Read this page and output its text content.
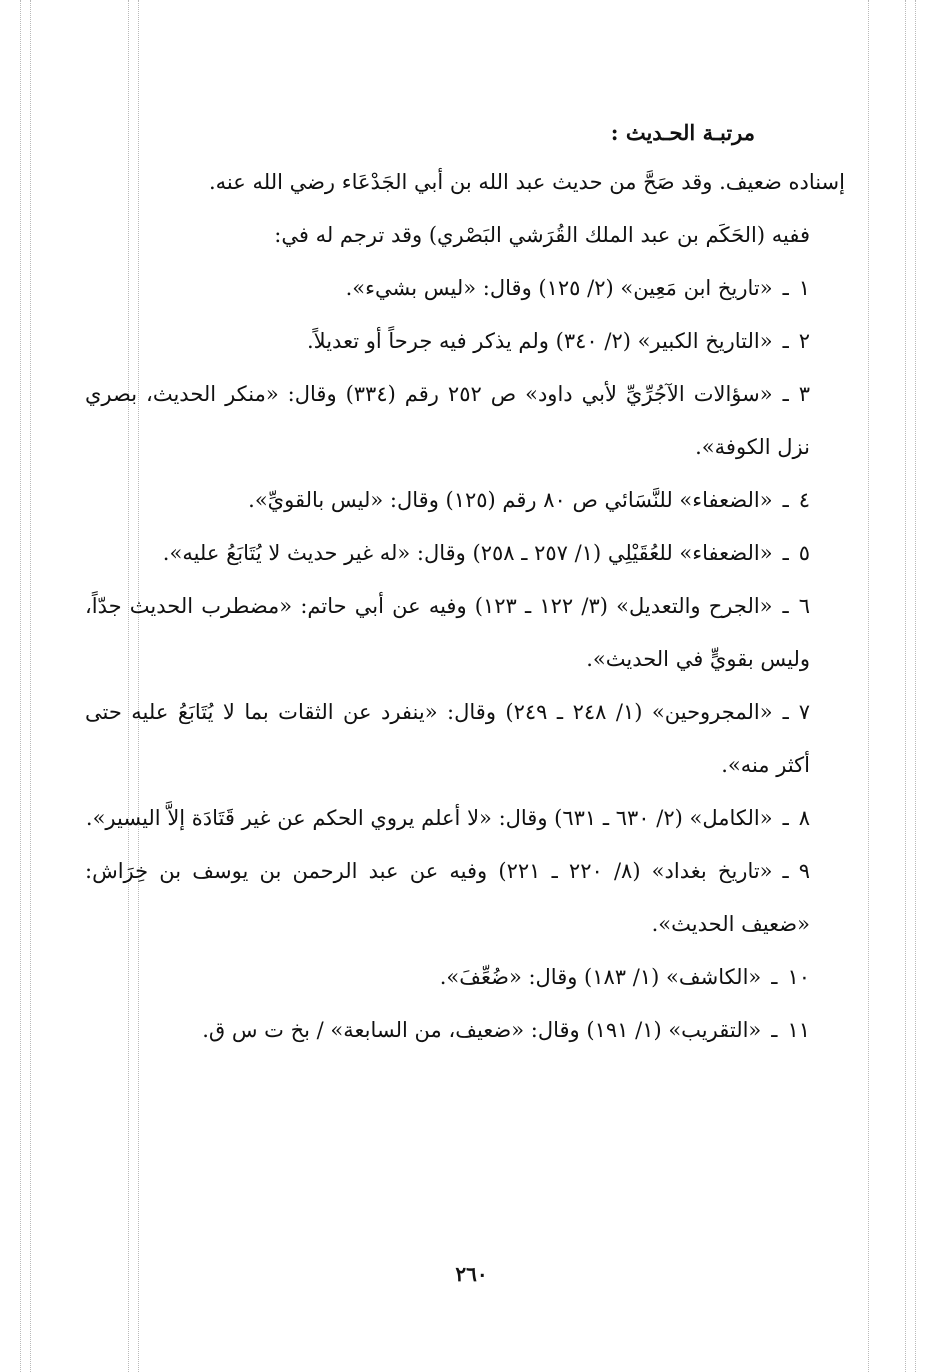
مرتبـة الحـديث :

إسناده ضعيف. وقد صَحَّ من حديث عبد الله بن أبي الجَدْعَاء رضي الله عنه.

ففيه (الحَكَم بن عبد الملك القُرَشي البَصْري) وقد ترجم له في:

١ـ«تاريخ ابن مَعِين» (٢/ ١٢٥) وقال: «ليس بشيء».

٢ـ«التاريخ الكبير» (٢/ ٣٤٠) ولم يذكر فيه جرحاً أو تعديلاً.

٣ـ«سؤالات الآجُرِّيِّ لأبي داود» ص ٢٥٢ رقم (٣٣٤) وقال: «منكر الحديث، بصري نزل الكوفة».

٤ـ«الضعفاء» للنَّسَائي ص ٨٠ رقم (١٢٥) وقال: «ليس بالقويِّ».

٥ـ«الضعفاء» للعُقَيْلِي (١/ ٢٥٧ ـ ٢٥٨) وقال: «له غير حديث لا يُتَابَعُ عليه».

٦ـ«الجرح والتعديل» (٣/ ١٢٢ ـ ١٢٣) وفيه عن أبي حاتم: «مضطرب الحديث جدّاً، وليس بقويٍّ في الحديث».

٧ـ«المجروحين» (١/ ٢٤٨ ـ ٢٤٩) وقال: «ينفرد عن الثقات بما لا يُتَابَعُ عليه حتى أكثر منه».

٨ـ«الكامل» (٢/ ٦٣٠ ـ ٦٣١) وقال: «لا أعلم يروي الحكم عن غير قَتَادَة إلاَّ اليسير».

٩ـ«تاريخ بغداد» (٨/ ٢٢٠ ـ ٢٢١) وفيه عن عبد الرحمن بن يوسف بن خِرَاش: «ضعيف الحديث».

١٠ـ«الكاشف» (١/ ١٨٣) وقال: «ضُعِّفَ».

١١ـ«التقريب» (١/ ١٩١) وقال: «ضعيف، من السابعة» / بخ ت س ق.

٢٦٠
